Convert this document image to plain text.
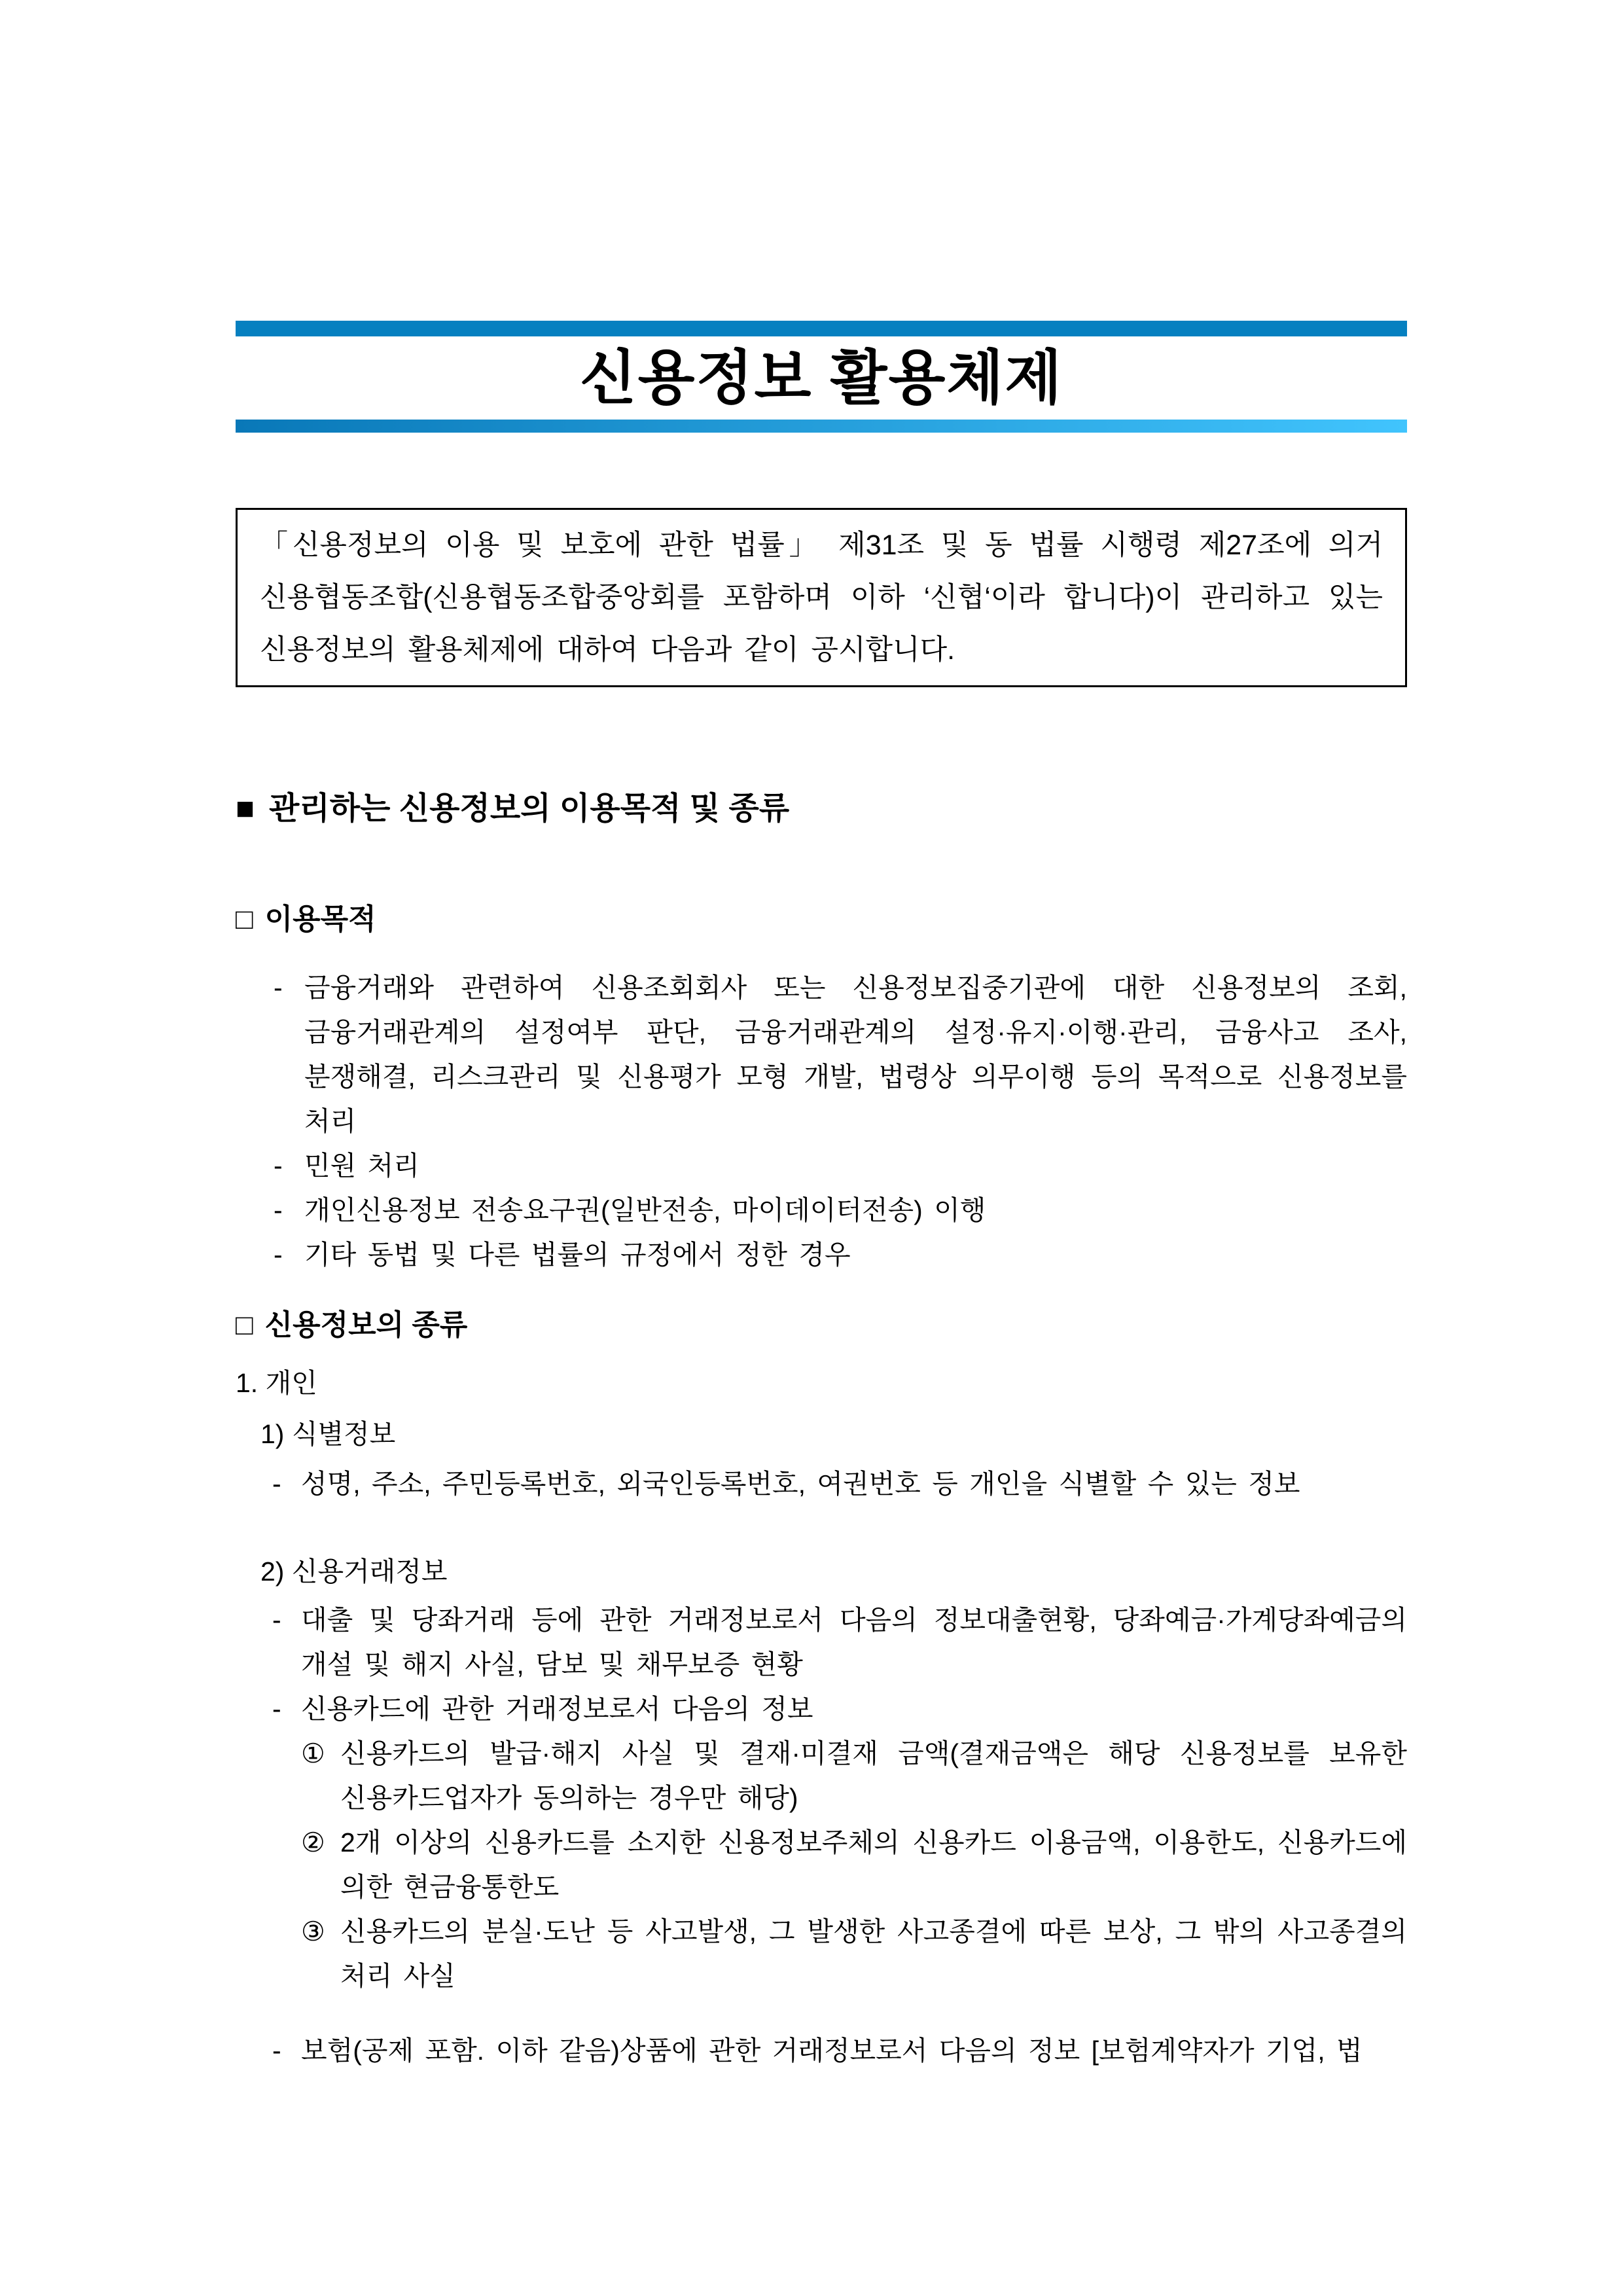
신용정보 활용체제
「신용정보의 이용 및 보호에 관한 법률」 제31조 및 동 법률 시행령 제27조에 의거 신용협동조합(신용협동조합중앙회를 포함하며 이하 ‘신협‘이라 합니다)이 관리하고 있는 신용정보의 활용체제에 대하여 다음과 같이 공시합니다.
■ 관리하는 신용정보의 이용목적 및 종류
□ 이용목적
- 금융거래와 관련하여 신용조회회사 또는 신용정보집중기관에 대한 신용정보의 조회, 금융거래관계의 설정여부 판단, 금융거래관계의 설정·유지·이행·관리, 금융사고 조사, 분쟁해결, 리스크관리 및 신용평가 모형 개발, 법령상 의무이행 등의 목적으로 신용정보를 처리
- 민원 처리
- 개인신용정보 전송요구권(일반전송, 마이데이터전송) 이행
- 기타 동법 및 다른 법률의 규정에서 정한 경우
□ 신용정보의 종류
1. 개인
1) 식별정보
- 성명, 주소, 주민등록번호, 외국인등록번호, 여권번호 등 개인을 식별할 수 있는 정보
2) 신용거래정보
- 대출 및 당좌거래 등에 관한 거래정보로서 다음의 정보대출현황, 당좌예금·가계당좌예금의 개설 및 해지 사실, 담보 및 채무보증 현황
- 신용카드에 관한 거래정보로서 다음의 정보
① 신용카드의 발급·해지 사실 및 결재·미결재 금액(결재금액은 해당 신용정보를 보유한 신용카드업자가 동의하는 경우만 해당)
② 2개 이상의 신용카드를 소지한 신용정보주체의 신용카드 이용금액, 이용한도, 신용카드에 의한 현금융통한도
③ 신용카드의 분실·도난 등 사고발생, 그 발생한 사고종결에 따른 보상, 그 밖의 사고종결의 처리 사실
- 보험(공제 포함. 이하 같음)상품에 관한 거래정보로서 다음의 정보 [보험계약자가 기업, 법
